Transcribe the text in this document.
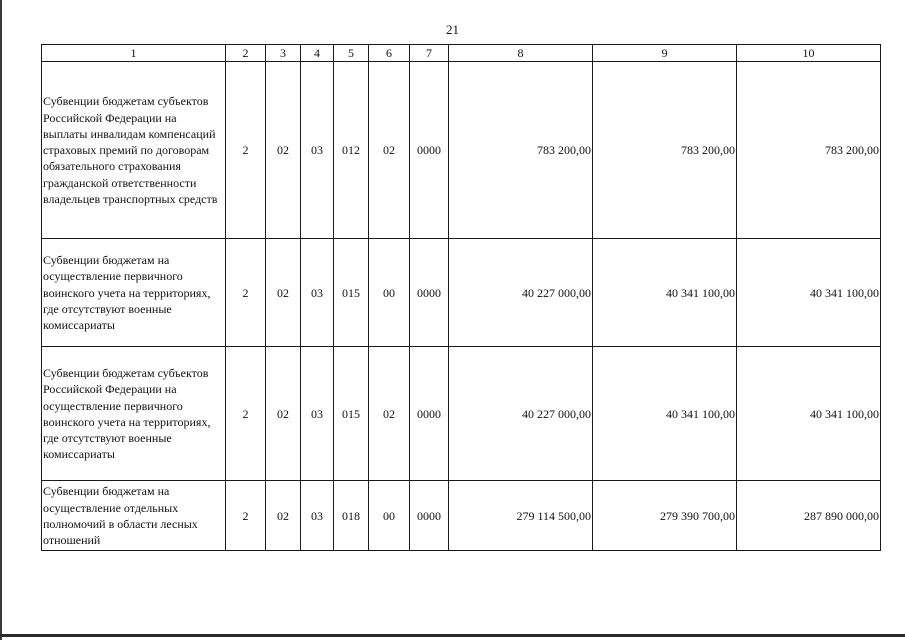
21
1	2	3	4	5	6	7	8	9	10
Субвенции бюджетам субъектов Российской Федерации на выплаты инвалидам компенсаций страховых премий по договорам обязательного страхования гражданской ответственности владельцев транспортных средств	2	02	03	012	02	0000	783 200,00	783 200,00	783 200,00
Субвенции бюджетам на осуществление первичного воинского учета на территориях, где отсутствуют военные комиссариаты	2	02	03	015	00	0000	40 227 000,00	40 341 100,00	40 341 100,00
Субвенции бюджетам субъектов Российской Федерации на осуществление первичного воинского учета на территориях, где отсутствуют военные комиссариаты	2	02	03	015	02	0000	40 227 000,00	40 341 100,00	40 341 100,00
Субвенции бюджетам на осуществление отдельных полномочий в области лесных отношений	2	02	03	018	00	0000	279 114 500,00	279 390 700,00	287 890 000,00
